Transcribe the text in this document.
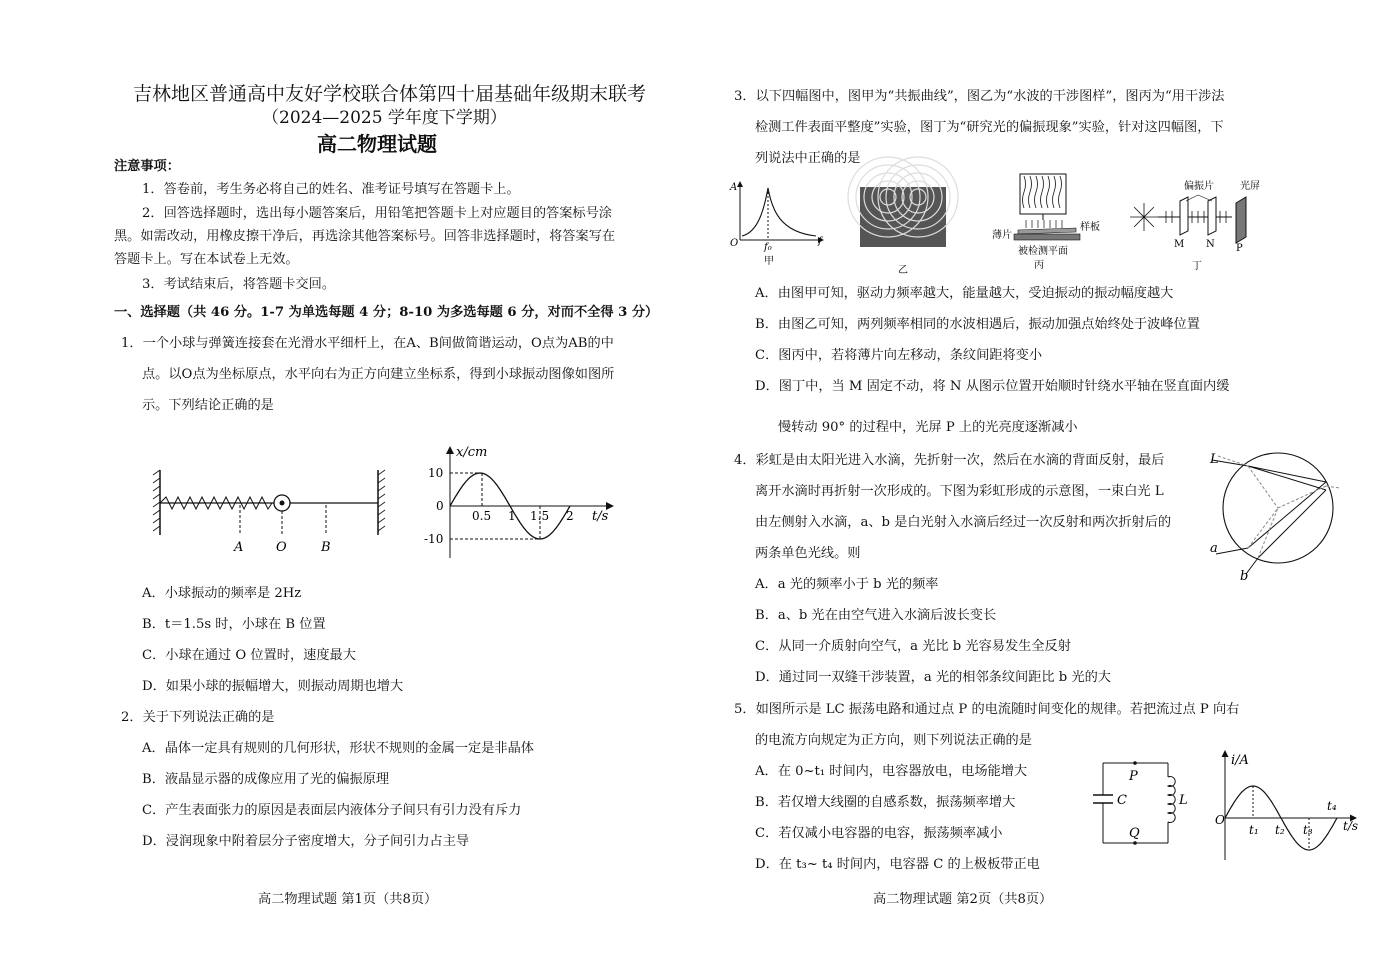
吉林地区普通高中友好学校联合体第四十届基础年级期末联考
（2024—2025 学年度下学期）
高二物理试题
注意事项：
1．答卷前，考生务必将自己的姓名、准考证号填写在答题卡上。
2．回答选择题时，选出每小题答案后，用铅笔把答题卡上对应题目的答案标号涂
黑。如需改动，用橡皮擦干净后，再选涂其他答案标号。回答非选择题时，将答案写在
答题卡上。写在本试卷上无效。
3．考试结束后，将答题卡交回。
一、选择题（共 46 分。1-7 为单选每题 4 分；8-10 为多选每题 6 分，对而不全得 3 分）
1．一个小球与弹簧连接套在光滑水平细杆上，在A、B间做简谐运动，O点为AB的中
点。以O点为坐标原点，水平向右为正方向建立坐标系，得到小球振动图像如图所
示。下列结论正确的是
A	O	B
x/cm
t/s
10
0
-10
0.5 1 1.5 2
A．小球振动的频率是 2Hz
B．t＝1.5s 时，小球在 B 位置
C．小球在通过 O 位置时，速度最大
D．如果小球的振幅增大，则振动周期也增大
2．关于下列说法正确的是
A．晶体一定具有规则的几何形状，形状不规则的金属一定是非晶体
B．液晶显示器的成像应用了光的偏振原理
C．产生表面张力的原因是表面层内液体分子间只有引力没有斥力
D．浸润现象中附着层分子密度增大，分子间引力占主导
高二物理试题 第1页（共8页）
3．以下四幅图中，图甲为“共振曲线”，图乙为“水波的干涉图样”，图丙为“用干涉法
检测工件表面平整度”实验，图丁为“研究光的偏振现象”实验，针对这四幅图，下
列说法中正确的是
A
O	f₀
f
甲
乙
样板
薄片
被检测平面
丙
偏振片	光屏
M N P
丁
A．由图甲可知，驱动力频率越大，能量越大，受迫振动的振动幅度越大
B．由图乙可知，两列频率相同的水波相遇后，振动加强点始终处于波峰位置
C．图丙中，若将薄片向左移动，条纹间距将变小
D．图丁中，当 M 固定不动，将 N 从图示位置开始顺时针绕水平轴在竖直面内缓
慢转动 90° 的过程中，光屏 P 上的光亮度逐渐减小
4．彩虹是由太阳光进入水滴，先折射一次，然后在水滴的背面反射，最后
离开水滴时再折射一次形成的。下图为彩虹形成的示意图，一束白光 L
由左侧射入水滴，a、b 是白光射入水滴后经过一次反射和两次折射后的
两条单色光线。则
L
a
b
A．a 光的频率小于 b 光的频率
B．a、b 光在由空气进入水滴后波长变长
C．从同一介质射向空气，a 光比 b 光容易发生全反射
D．通过同一双缝干涉装置，a 光的相邻条纹间距比 b 光的大
5．如图所示是 LC 振荡电路和通过点 P 的电流随时间变化的规律。若把流过点 P 向右
的电流方向规定为正方向，则下列说法正确的是
A．在 0~t₁ 时间内，电容器放电，电场能增大
B．若仅增大线圈的自感系数，振荡频率增大
C．若仅减小电容器的电容，振荡频率减小
D．在 t₃~ t₄ 时间内，电容器 C 的上极板带正电
P
Q
C	L
i/A
t/s
O
t₁ t₂ t₃
t₄
高二物理试题 第2页（共8页）
